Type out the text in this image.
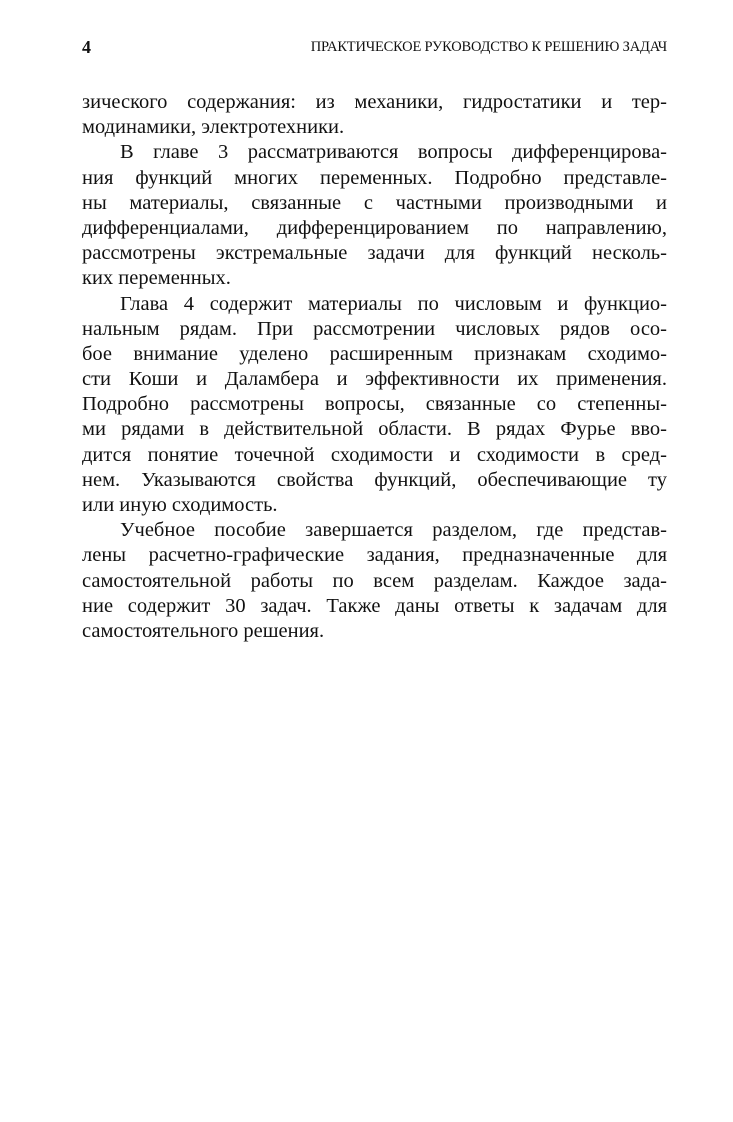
4	ПРАКТИЧЕСКОЕ РУКОВОДСТВО К РЕШЕНИЮ ЗАДАЧ
зического содержания: из механики, гидростатики и тер-
модинамики, электротехники.
В главе 3 рассматриваются вопросы дифференцирова-
ния функций многих переменных. Подробно представле-
ны материалы, связанные с частными производными и
дифференциалами, дифференцированием по направлению,
рассмотрены экстремальные задачи для функций несколь-
ких переменных.
Глава 4 содержит материалы по числовым и функцио-
нальным рядам. При рассмотрении числовых рядов осо-
бое внимание уделено расширенным признакам сходимо-
сти Коши и Даламбера и эффективности их применения.
Подробно рассмотрены вопросы, связанные со степенны-
ми рядами в действительной области. В рядах Фурье вво-
дится понятие точечной сходимости и сходимости в сред-
нем. Указываются свойства функций, обеспечивающие ту
или иную сходимость.
Учебное пособие завершается разделом, где представ-
лены расчетно-графические задания, предназначенные для
самостоятельной работы по всем разделам. Каждое зада-
ние содержит 30 задач. Также даны ответы к задачам для
самостоятельного решения.
